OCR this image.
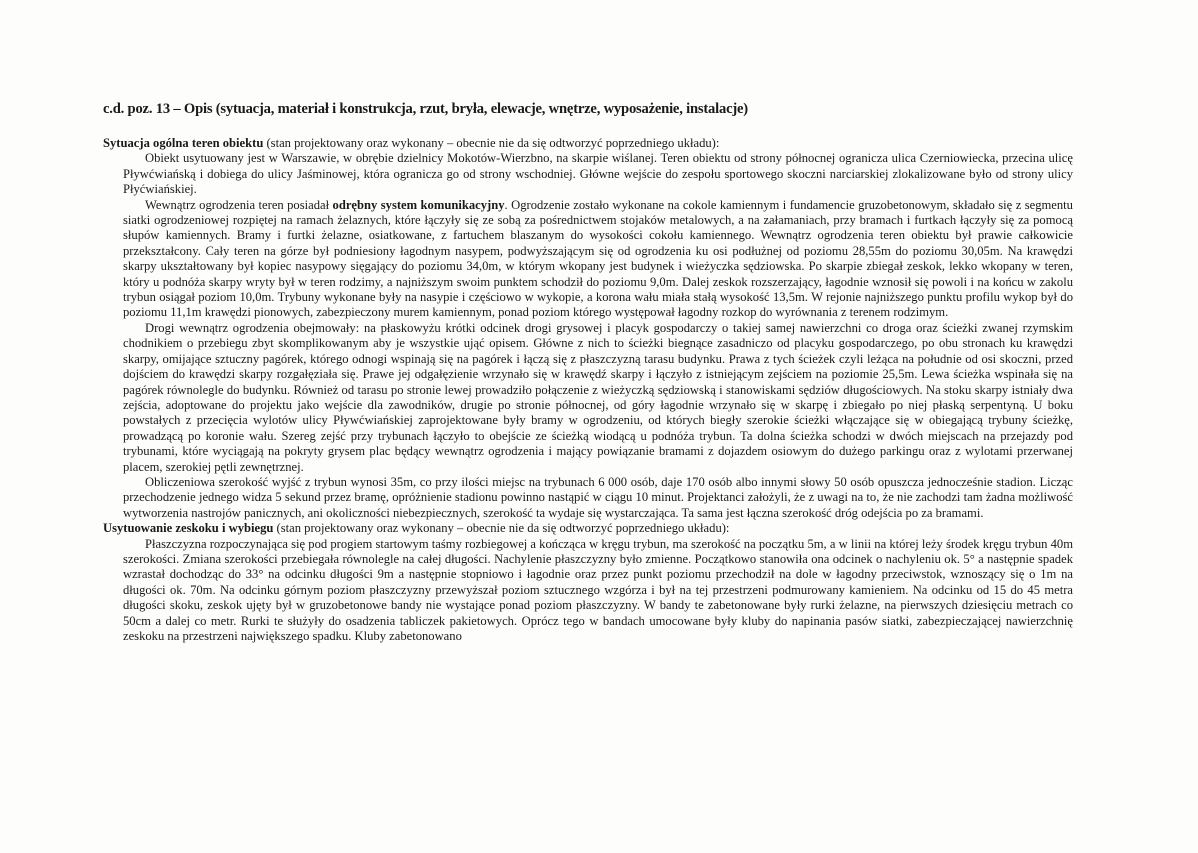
c.d. poz. 13 – Opis (sytuacja, materiał i konstrukcja, rzut, bryła, elewacje, wnętrze, wyposażenie, instalacje)

Sytuacja ogólna teren obiektu (stan projektowany oraz wykonany – obecnie nie da się odtworzyć poprzedniego układu):

Obiekt usytuowany jest w Warszawie, w obrębie dzielnicy Mokotów-Wierzbno, na skarpie wiślanej. Teren obiektu od strony północnej ogranicza ulica Czerniowiecka, przecina ulicę Pływćwiańską i dobiega do ulicy Jaśminowej, która ogranicza go od strony wschodniej. Główne wejście do zespołu sportowego skoczni narciarskiej zlokalizowane było od strony ulicy Płyćwiańskiej.

Wewnątrz ogrodzenia teren posiadał odrębny system komunikacyjny. Ogrodzenie zostało wykonane na cokole kamiennym i fundamencie gruzobetonowym, składało się z segmentu siatki ogrodzeniowej rozpiętej na ramach żelaznych, które łączyły się ze sobą za pośrednictwem stojaków metalowych, a na załamaniach, przy bramach i furtkach łączyły się za pomocą słupów kamiennych. Bramy i furtki żelazne, osiatkowane, z fartuchem blaszanym do wysokości cokołu kamiennego. Wewnątrz ogrodzenia teren obiektu był prawie całkowicie przekształcony. Cały teren na górze był podniesiony łagodnym nasypem, podwyższającym się od ogrodzenia ku osi podłużnej od poziomu 28,55m do poziomu 30,05m. Na krawędzi skarpy ukształtowany był kopiec nasypowy sięgający do poziomu 34,0m, w którym wkopany jest budynek i wieżyczka sędziowska. Po skarpie zbiegał zeskok, lekko wkopany w teren, który u podnóża skarpy wryty był w teren rodzimy, a najniższym swoim punktem schodził do poziomu 9,0m. Dalej zeskok rozszerzający, łagodnie wznosił się powoli i na końcu w zakolu trybun osiągał poziom 10,0m. Trybuny wykonane były na nasypie i częściowo w wykopie, a korona wału miała stałą wysokość 13,5m. W rejonie najniższego punktu profilu wykop był do poziomu 11,1m krawędzi pionowych, zabezpieczony murem kamiennym, ponad poziom którego występował łagodny rozkop do wyrównania z terenem rodzimym.

Drogi wewnątrz ogrodzenia obejmowały: na płaskowyżu krótki odcinek drogi grysowej i placyk gospodarczy o takiej samej nawierzchni co droga oraz ścieżki zwanej rzymskim chodnikiem o przebiegu zbyt skomplikowanym aby je wszystkie ująć opisem. Główne z nich to ścieżki biegnące zasadniczo od placyku gospodarczego, po obu stronach ku krawędzi skarpy, omijające sztuczny pagórek, którego odnogi wspinają się na pagórek i łączą się z płaszczyzną tarasu budynku. Prawa z tych ścieżek czyli leżąca na południe od osi skoczni, przed dojściem do krawędzi skarpy rozgałęziała się. Prawe jej odgałęzienie wrzynało się w krawędź skarpy i łączyło z istniejącym zejściem na poziomie 25,5m. Lewa ścieżka wspinała się na pagórek równolegle do budynku. Również od tarasu po stronie lewej prowadziło połączenie z wieżyczką sędziowską i stanowiskami sędziów długościowych. Na stoku skarpy istniały dwa zejścia, adoptowane do projektu jako wejście dla zawodników, drugie po stronie północnej, od góry łagodnie wrzynało się w skarpę i zbiegało po niej płaską serpentyną. U boku powstałych z przecięcia wylotów ulicy Pływćwiańskiej zaprojektowane były bramy w ogrodzeniu, od których biegły szerokie ścieżki włączające się w obiegającą trybuny ścieżkę, prowadzącą po koronie wału. Szereg zejść przy trybunach łączyło to obejście ze ścieżką wiodącą u podnóża trybun. Ta dolna ścieżka schodzi w dwóch miejscach na przejazdy pod trybunami, które wyciągają na pokryty grysem plac będący wewnątrz ogrodzenia i mający powiązanie bramami z dojazdem osiowym do dużego parkingu oraz z wylotami przerwanej placem, szerokiej pętli zewnętrznej.

Obliczeniowa szerokość wyjść z trybun wynosi 35m, co przy ilości miejsc na trybunach 6 000 osób, daje 170 osób albo innymi słowy 50 osób opuszcza jednocześnie stadion. Licząc przechodzenie jednego widza 5 sekund przez bramę, opróżnienie stadionu powinno nastąpić w ciągu 10 minut. Projektanci założyli, że z uwagi na to, że nie zachodzi tam żadna możliwość wytworzenia nastrojów panicznych, ani okoliczności niebezpiecznych, szerokość ta wydaje się wystarczająca. Ta sama jest łączna szerokość dróg odejścia po za bramami.

Usytuowanie zeskoku i wybiegu (stan projektowany oraz wykonany – obecnie nie da się odtworzyć poprzedniego układu):

Płaszczyzna rozpoczynająca się pod progiem startowym taśmy rozbiegowej a kończąca w kręgu trybun, ma szerokość na początku 5m, a w linii na której leży środek kręgu trybun 40m szerokości. Zmiana szerokości przebiegała równolegle na całej długości. Nachylenie płaszczyzny było zmienne. Początkowo stanowiła ona odcinek o nachyleniu ok. 5° a następnie spadek wzrastał dochodząc do 33° na odcinku długości 9m a następnie stopniowo i łagodnie oraz przez punkt poziomu przechodził na dole w łagodny przeciwstok, wznoszący się o 1m na długości ok. 70m. Na odcinku górnym poziom płaszczyzny przewyższał poziom sztucznego wzgórza i był na tej przestrzeni podmurowany kamieniem. Na odcinku od 15 do 45 metra długości skoku, zeskok ujęty był w gruzobetonowe bandy nie wystające ponad poziom płaszczyzny. W bandy te zabetonowane były rurki żelazne, na pierwszych dziesięciu metrach co 50cm a dalej co metr. Rurki te służyły do osadzenia tabliczek pakietowych. Oprócz tego w bandach umocowane były kluby do napinania pasów siatki, zabezpieczającej nawierzchnię zeskoku na przestrzeni największego spadku. Kluby zabetonowano
